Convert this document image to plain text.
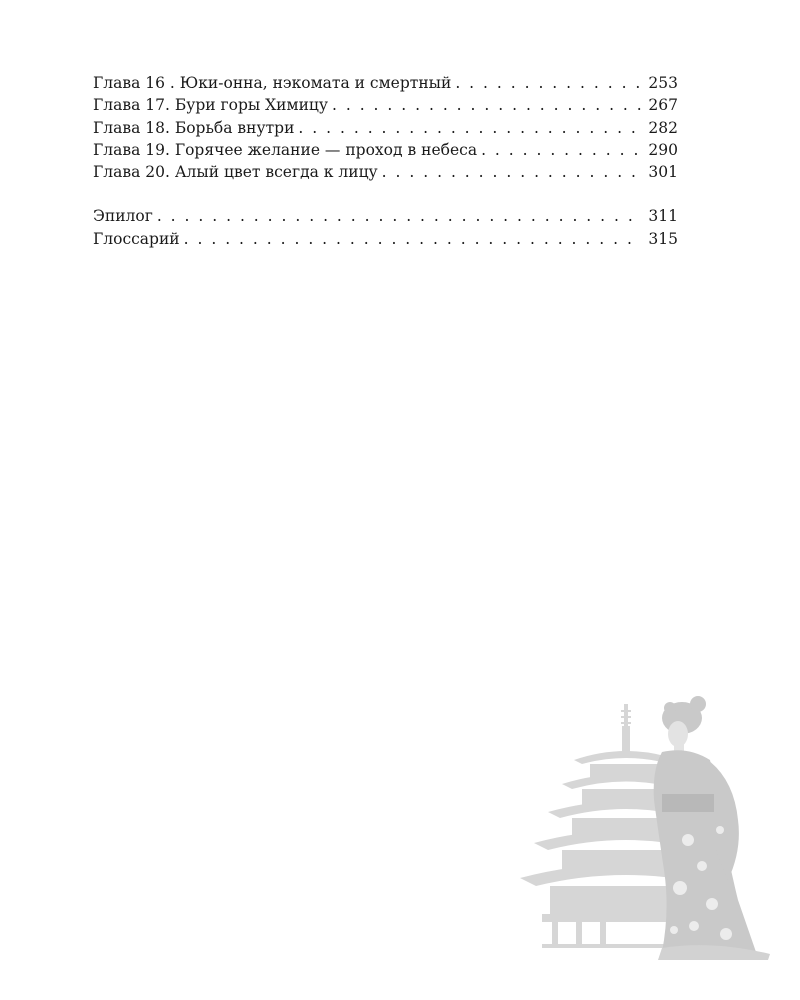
Глава 16 . Юки-онна, нэкомата и смертный . . .	253
Глава 17. Бури горы Химицу . . .	267
Глава 18. Борьба внутри . . .	282
Глава 19. Горячее желание — проход в небеса . . .	290
Глава 20. Алый цвет всегда к лицу . . .	301
Эпилог . . .	311
Глоссарий . . .	315
